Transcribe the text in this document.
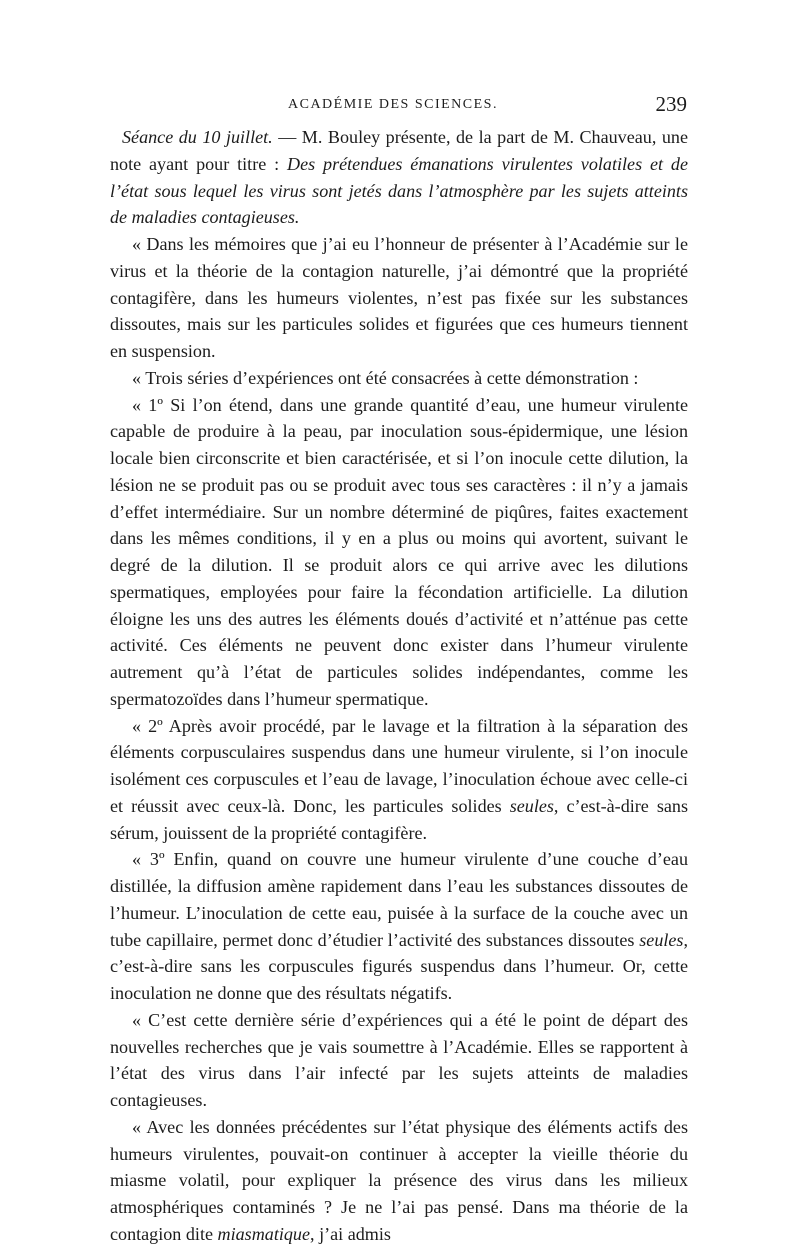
ACADÉMIE DES SCIENCES.	239

Séance du 10 juillet. — M. Bouley présente, de la part de M. Chauveau, une note ayant pour titre : Des prétendues émanations virulentes volatiles et de l’état sous lequel les virus sont jetés dans l’atmosphère par les sujets atteints de maladies contagieuses.

« Dans les mémoires que j’ai eu l’honneur de présenter à l’Académie sur le virus et la théorie de la contagion naturelle, j’ai démontré que la propriété contagifère, dans les humeurs violentes, n’est pas fixée sur les substances dissoutes, mais sur les particules solides et figurées que ces humeurs tiennent en suspension.

« Trois séries d’expériences ont été consacrées à cette démonstration :

« 1º Si l’on étend, dans une grande quantité d’eau, une humeur virulente capable de produire à la peau, par inoculation sous-épidermique, une lésion locale bien circonscrite et bien caractérisée, et si l’on inocule cette dilution, la lésion ne se produit pas ou se produit avec tous ses caractères : il n’y a jamais d’effet intermédiaire. Sur un nombre déterminé de piqûres, faites exactement dans les mêmes conditions, il y en a plus ou moins qui avortent, suivant le degré de la dilution. Il se produit alors ce qui arrive avec les dilutions spermatiques, employées pour faire la fécondation artificielle. La dilution éloigne les uns des autres les éléments doués d’activité et n’atténue pas cette activité. Ces éléments ne peuvent donc exister dans l’humeur virulente autrement qu’à l’état de particules solides indépendantes, comme les spermatozoïdes dans l’humeur spermatique.

« 2º Après avoir procédé, par le lavage et la filtration à la séparation des éléments corpusculaires suspendus dans une humeur virulente, si l’on inocule isolément ces corpuscules et l’eau de lavage, l’inoculation échoue avec celle-ci et réussit avec ceux-là. Donc, les particules solides seules, c’est-à-dire sans sérum, jouissent de la propriété contagifère.

« 3º Enfin, quand on couvre une humeur virulente d’une couche d’eau distillée, la diffusion amène rapidement dans l’eau les substances dissoutes de l’humeur. L’inoculation de cette eau, puisée à la surface de la couche avec un tube capillaire, permet donc d’étudier l’activité des substances dissoutes seules, c’est-à-dire sans les corpuscules figurés suspendus dans l’humeur. Or, cette inoculation ne donne que des résultats négatifs.

« C’est cette dernière série d’expériences qui a été le point de départ des nouvelles recherches que je vais soumettre à l’Académie. Elles se rapportent à l’état des virus dans l’air infecté par les sujets atteints de maladies contagieuses.

« Avec les données précédentes sur l’état physique des éléments actifs des humeurs virulentes, pouvait-on continuer à accepter la vieille théorie du miasme volatil, pour expliquer la présence des virus dans les milieux atmosphériques contaminés ? Je ne l’ai pas pensé. Dans ma théorie de la contagion dite miasmatique, j’ai admis
